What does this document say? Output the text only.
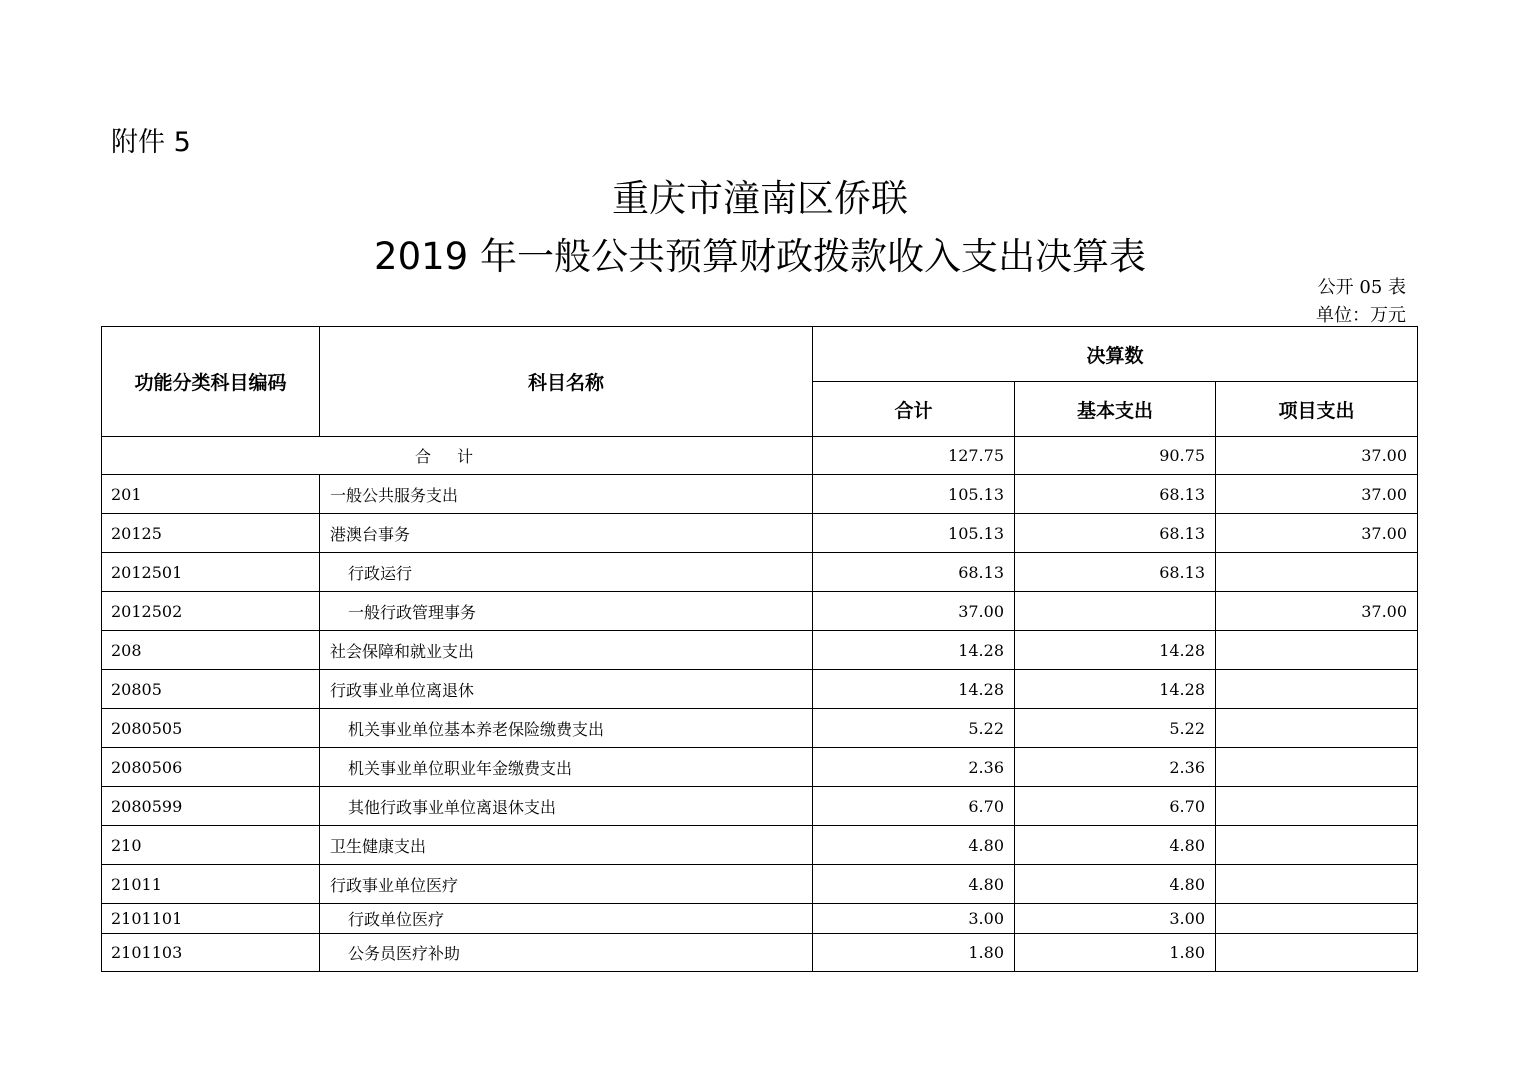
附件 5
重庆市潼南区侨联
2019 年一般公共预算财政拨款收入支出决算表
公开 05 表
单位：万元
功能分类科目编码	科目名称	决算数		
		合计	基本支出	项目支出
合计		127.75	90.75	37.00
201	一般公共服务支出	105.13	68.13	37.00
20125	港澳台事务	105.13	68.13	37.00
2012501	行政运行	68.13	68.13	
2012502	一般行政管理事务	37.00		37.00
208	社会保障和就业支出	14.28	14.28	
20805	行政事业单位离退休	14.28	14.28	
2080505	机关事业单位基本养老保险缴费支出	5.22	5.22	
2080506	机关事业单位职业年金缴费支出	2.36	2.36	
2080599	其他行政事业单位离退休支出	6.70	6.70	
210	卫生健康支出	4.80	4.80	
21011	行政事业单位医疗	4.80	4.80	
2101101	行政单位医疗	3.00	3.00	
2101103	公务员医疗补助	1.80	1.80	
